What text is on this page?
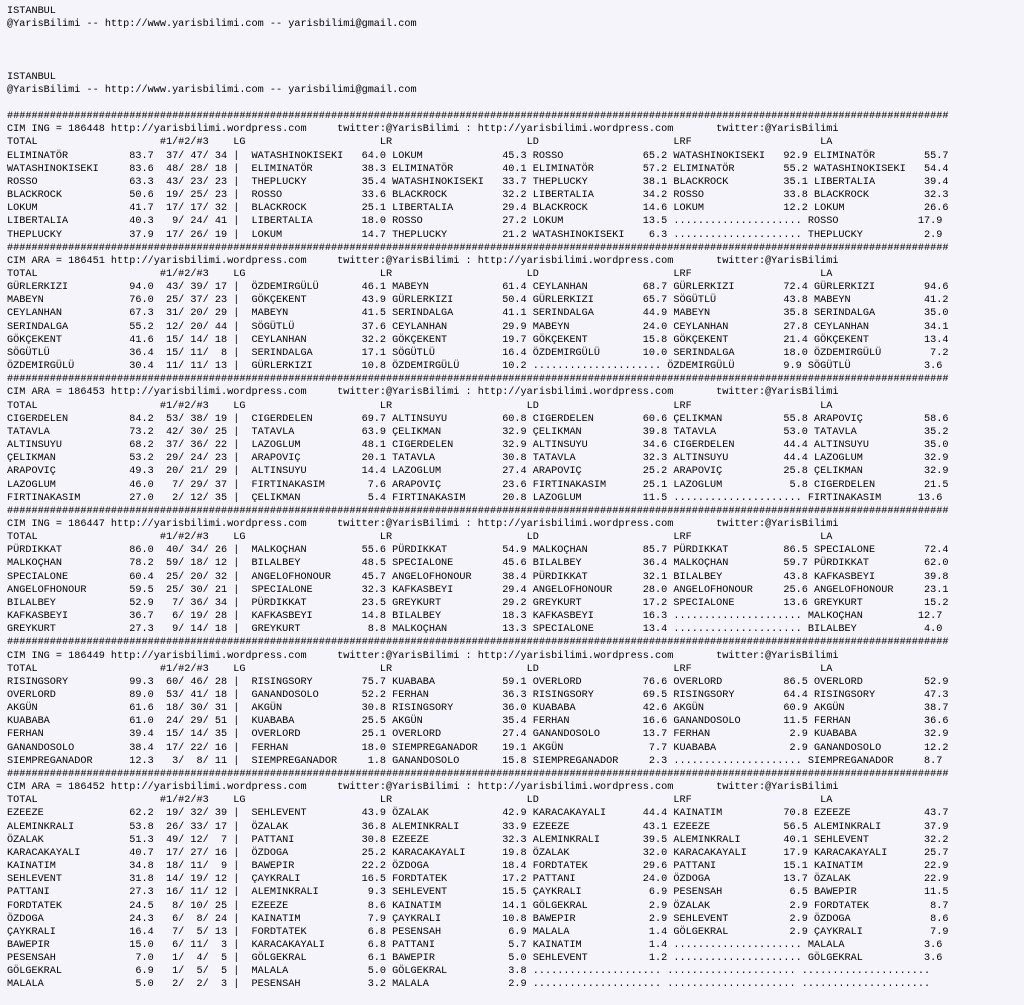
ISTANBUL
@YarisBilimi -- http://www.yarisbilimi.com -- yarisbilimi@gmail.com
ISTANBUL
@YarisBilimi -- http://www.yarisbilimi.com -- yarisbilimi@gmail.com
##########################################################################################################################################################
CIM ING = 186448 http://yarisbilimi.wordpress.com     twitter:@YarisBilimi : http://yarisbilimi.wordpress.com       twitter:@YarisBilimi
TOTAL                    #1/#2/#3    LG                      LR                      LD                      LRF                     LA
ELIMINATÖR          83.7  37/ 47/ 34 |  WATASHINOKISEKI   64.0 LOKUM             45.3 ROSSO             65.2 WATASHINOKISEKI   92.9 ELIMINATÖR        55.7
WATASHINOKISEKI     83.6  48/ 28/ 18 |  ELIMINATÖR        38.3 ELIMINATÖR        40.1 ELIMINATÖR        57.2 ELIMINATÖR        55.2 WATASHINOKISEKI   54.4
ROSSO               63.3  43/ 23/ 23 |  THEPLUCKY         35.4 WATASHINOKISEKI   33.7 THEPLUCKY         38.1 BLACKROCK         35.1 LIBERTALIA        39.4
BLACKROCK           50.6  19/ 25/ 23 |  ROSSO             33.6 BLACKROCK         32.2 LIBERTALIA        34.2 ROSSO             33.8 BLACKROCK         32.3
LOKUM               41.7  17/ 17/ 32 |  BLACKROCK         25.1 LIBERTALIA        29.4 BLACKROCK         14.6 LOKUM             12.2 LOKUM             26.6
LIBERTALIA          40.3   9/ 24/ 41 |  LIBERTALIA        18.0 ROSSO             27.2 LOKUM             13.5 ..................... ROSSO             17.9
THEPLUCKY           37.9  17/ 26/ 19 |  LOKUM             14.7 THEPLUCKY         21.2 WATASHINOKISEKI    6.3 ..................... THEPLUCKY          2.9
##########################################################################################################################################################
CIM ARA = 186451 http://yarisbilimi.wordpress.com     twitter:@YarisBilimi : http://yarisbilimi.wordpress.com       twitter:@YarisBilimi
TOTAL                    #1/#2/#3    LG                      LR                      LD                      LRF                     LA
GÜRLERKIZI          94.0  43/ 39/ 17 |  ÖZDEMIRGÜLÜ       46.1 MABEYN            61.4 CEYLANHAN         68.7 GÜRLERKIZI        72.4 GÜRLERKIZI        94.6
MABEYN              76.0  25/ 37/ 23 |  GÖKÇEKENT         43.9 GÜRLERKIZI        50.4 GÜRLERKIZI        65.7 SÖGÜTLÜ           43.8 MABEYN            41.2
CEYLANHAN           67.3  31/ 20/ 29 |  MABEYN            41.5 SERINDALGA        41.1 SERINDALGA        44.9 MABEYN            35.8 SERINDALGA        35.0
SERINDALGA          55.2  12/ 20/ 44 |  SÖGÜTLÜ           37.6 CEYLANHAN         29.9 MABEYN            24.0 CEYLANHAN         27.8 CEYLANHAN         34.1
GÖKÇEKENT           41.6  15/ 14/ 18 |  CEYLANHAN         32.2 GÖKÇEKENT         19.7 GÖKÇEKENT         15.8 GÖKÇEKENT         21.4 GÖKÇEKENT         13.4
SÖGÜTLÜ             36.4  15/ 11/  8 |  SERINDALGA        17.1 SÖGÜTLÜ           16.4 ÖZDEMIRGÜLÜ       10.0 SERINDALGA        18.0 ÖZDEMIRGÜLÜ        7.2
ÖZDEMIRGÜLÜ         30.4  11/ 11/ 13 |  GÜRLERKIZI        10.8 ÖZDEMIRGÜLÜ       10.2 ..................... ÖZDEMIRGÜLÜ        9.9 SÖGÜTLÜ            3.6
##########################################################################################################################################################
CIM ARA = 186453 http://yarisbilimi.wordpress.com     twitter:@YarisBilimi : http://yarisbilimi.wordpress.com       twitter:@YarisBilimi
TOTAL                    #1/#2/#3    LG                      LR                      LD                      LRF                     LA
CIGERDELEN          84.2  53/ 38/ 19 |  CIGERDELEN        69.7 ALTINSUYU         60.8 CIGERDELEN        60.6 ÇELIKMAN          55.8 ARAPOVIÇ          58.6
TATAVLA             73.2  42/ 30/ 25 |  TATAVLA           63.9 ÇELIKMAN          32.9 ÇELIKMAN          39.8 TATAVLA           53.0 TATAVLA           35.2
ALTINSUYU           68.2  37/ 36/ 22 |  LAZOGLUM          48.1 CIGERDELEN        32.9 ALTINSUYU         34.6 CIGERDELEN        44.4 ALTINSUYU         35.0
ÇELIKMAN            53.2  29/ 24/ 23 |  ARAPOVIÇ          20.1 TATAVLA           30.8 TATAVLA           32.3 ALTINSUYU         44.4 LAZOGLUM          32.9
ARAPOVIÇ            49.3  20/ 21/ 29 |  ALTINSUYU         14.4 LAZOGLUM          27.4 ARAPOVIÇ          25.2 ARAPOVIÇ          25.8 ÇELIKMAN          32.9
LAZOGLUM            46.0   7/ 29/ 37 |  FIRTINAKASIM       7.6 ARAPOVIÇ          23.6 FIRTINAKASIM      25.1 LAZOGLUM           5.8 CIGERDELEN        21.5
FIRTINAKASIM        27.0   2/ 12/ 35 |  ÇELIKMAN           5.4 FIRTINAKASIM      20.8 LAZOGLUM          11.5 ..................... FIRTINAKASIM      13.6
##########################################################################################################################################################
CIM ING = 186447 http://yarisbilimi.wordpress.com     twitter:@YarisBilimi : http://yarisbilimi.wordpress.com       twitter:@YarisBilimi
TOTAL                    #1/#2/#3    LG                      LR                      LD                      LRF                     LA
PÜRDIKKAT           86.0  40/ 34/ 26 |  MALKOÇHAN         55.6 PÜRDIKKAT         54.9 MALKOÇHAN         85.7 PÜRDIKKAT         86.5 SPECIALONE        72.4
MALKOÇHAN           78.2  59/ 18/ 12 |  BILALBEY          48.5 SPECIALONE        45.6 BILALBEY          36.4 MALKOÇHAN         59.7 PÜRDIKKAT         62.0
SPECIALONE          60.4  25/ 20/ 32 |  ANGELOFHONOUR     45.7 ANGELOFHONOUR     38.4 PÜRDIKKAT         32.1 BILALBEY          43.8 KAFKASBEYI        39.8
ANGELOFHONOUR       59.5  25/ 30/ 21 |  SPECIALONE        32.3 KAFKASBEYI        29.4 ANGELOFHONOUR     28.0 ANGELOFHONOUR     25.6 ANGELOFHONOUR     23.1
BILALBEY            52.9   7/ 36/ 34 |  PÜRDIKKAT         23.5 GREYKURT          29.2 GREYKURT          17.2 SPECIALONE        13.6 GREYKURT          15.2
KAFKASBEYI          36.7   6/ 19/ 28 |  KAFKASBEYI        14.8 BILALBEY          18.3 KAFKASBEYI        16.3 ..................... MALKOÇHAN         12.7
GREYKURT            27.3   9/ 14/ 18 |  GREYKURT           8.8 MALKOÇHAN         13.3 SPECIALONE        13.4 ..................... BILALBEY           4.0
##########################################################################################################################################################
CIM ING = 186449 http://yarisbilimi.wordpress.com     twitter:@YarisBilimi : http://yarisbilimi.wordpress.com       twitter:@YarisBilimi
TOTAL                    #1/#2/#3    LG                      LR                      LD                      LRF                     LA
RISINGSORY          99.3  60/ 46/ 28 |  RISINGSORY        75.7 KUABABA           59.1 OVERLORD          76.6 OVERLORD          86.5 OVERLORD          52.9
OVERLORD            89.0  53/ 41/ 18 |  GANANDOSOLO       52.2 FERHAN            36.3 RISINGSORY        69.5 RISINGSORY        64.4 RISINGSORY        47.3
AKGÜN               61.6  18/ 30/ 31 |  AKGÜN             30.8 RISINGSORY        36.0 KUABABA           42.6 AKGÜN             60.9 AKGÜN             38.7
KUABABA             61.0  24/ 29/ 51 |  KUABABA           25.5 AKGÜN             35.4 FERHAN            16.6 GANANDOSOLO       11.5 FERHAN            36.6
FERHAN              39.4  15/ 14/ 35 |  OVERLORD          25.1 OVERLORD          27.4 GANANDOSOLO       13.7 FERHAN             2.9 KUABABA           32.9
GANANDOSOLO         38.4  17/ 22/ 16 |  FERHAN            18.0 SIEMPREGANADOR    19.1 AKGÜN              7.7 KUABABA            2.9 GANANDOSOLO       12.2
SIEMPREGANADOR      12.3   3/  8/ 11 |  SIEMPREGANADOR     1.8 GANANDOSOLO       15.8 SIEMPREGANADOR     2.3 ..................... SIEMPREGANADOR     8.7
##########################################################################################################################################################
CIM ARA = 186452 http://yarisbilimi.wordpress.com     twitter:@YarisBilimi : http://yarisbilimi.wordpress.com       twitter:@YarisBilimi
TOTAL                    #1/#2/#3    LG                      LR                      LD                      LRF                     LA
EZEEZE              62.2  19/ 32/ 39 |  SEHLEVENT         43.9 ÖZALAK            42.9 KARACAKAYALI      44.4 KAINATIM          70.8 EZEEZE            43.7
ALEMINKRALI         53.8  26/ 33/ 17 |  ÖZALAK            36.8 ALEMINKRALI       33.9 EZEEZE            43.1 EZEEZE            56.5 ALEMINKRALI       37.9
ÖZALAK              51.3  49/ 12/  7 |  PATTANI           30.8 EZEEZE            32.3 ALEMINKRALI       39.5 ALEMINKRALI       40.1 SEHLEVENT         32.2
KARACAKAYALI        40.7  17/ 27/ 16 |  ÖZDOGA            25.2 KARACAKAYALI      19.8 ÖZALAK            32.0 KARACAKAYALI      17.9 KARACAKAYALI      25.7
KAINATIM            34.8  18/ 11/  9 |  BAWEPIR           22.2 ÖZDOGA            18.4 FORDTATEK         29.6 PATTANI           15.1 KAINATIM          22.9
SEHLEVENT           31.8  14/ 19/ 12 |  ÇAYKRALI          16.5 FORDTATEK         17.2 PATTANI           24.0 ÖZDOGA            13.7 ÖZALAK            22.9
PATTANI             27.3  16/ 11/ 12 |  ALEMINKRALI        9.3 SEHLEVENT         15.5 ÇAYKRALI           6.9 PESENSAH           6.5 BAWEPIR           11.5
FORDTATEK           24.5   8/ 10/ 25 |  EZEEZE             8.6 KAINATIM          14.1 GÖLGEKRAL          2.9 ÖZALAK             2.9 FORDTATEK          8.7
ÖZDOGA              24.3   6/  8/ 24 |  KAINATIM           7.9 ÇAYKRALI          10.8 BAWEPIR            2.9 SEHLEVENT          2.9 ÖZDOGA             8.6
ÇAYKRALI            16.4   7/  5/ 13 |  FORDTATEK          6.8 PESENSAH           6.9 MALALA             1.4 GÖLGEKRAL          2.9 ÇAYKRALI           7.9
BAWEPIR             15.0   6/ 11/  3 |  KARACAKAYALI       6.8 PATTANI            5.7 KAINATIM           1.4 ..................... MALALA             3.6
PESENSAH             7.0   1/  4/  5 |  GÖLGEKRAL          6.1 BAWEPIR            5.0 SEHLEVENT          1.2 ..................... GÖLGEKRAL          3.6
GÖLGEKRAL            6.9   1/  5/  5 |  MALALA             5.0 GÖLGEKRAL          3.8 ..................... ..................... .....................
MALALA               5.0   2/  2/  3 |  PESENSAH           3.2 MALALA             2.9 ..................... ..................... .....................
